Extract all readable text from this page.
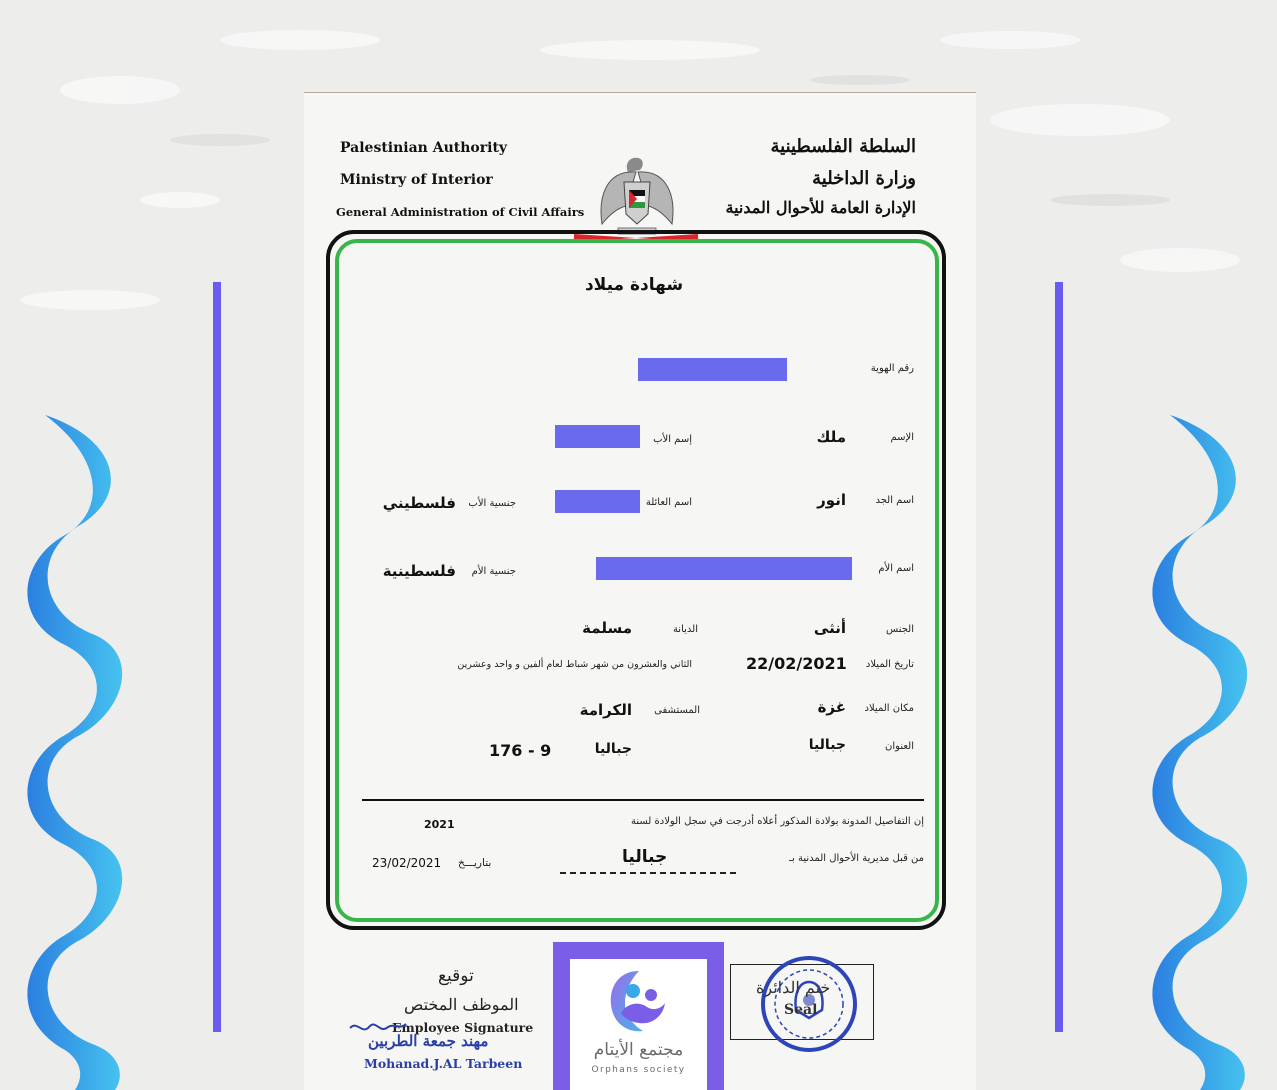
Palestinian Authority
Ministry of Interior
General Administration of Civil Affairs
السلطة الفلسطينية
وزارة الداخلية
الإدارة العامة للأحوال المدنية
شهادة ميلاد
رقم الهوية
الإسم
ملك
إسم الأب
اسم الجد
انور
اسم العائلة
جنسية الأب
فلسطيني
اسم الأم
جنسية الأم
فلسطينية
الجنس
أنثى
الديانة
مسلمة
تاريخ الميلاد
22/02/2021
الثاني والعشرون من شهر شباط لعام ألفين و واحد وعشرين
مكان الميلاد
غزة
المستشفى
الكرامة
العنوان
جباليا
جباليا
176 - 9
إن التفاصيل المدونة بولادة المذكور أعلاه أدرجت في سجل الولادة لسنة
2021
من قبل مديرية الأحوال المدنية بـ
جباليا
بتاريـــخ
23/02/2021
توقيع
الموظف المختص
Employee Signature
مهند جمعة الطربين
Mohanad.J.AL Tarbeen
ختم الدائرة
Seal
مجتمع الأيتام
Orphans society
